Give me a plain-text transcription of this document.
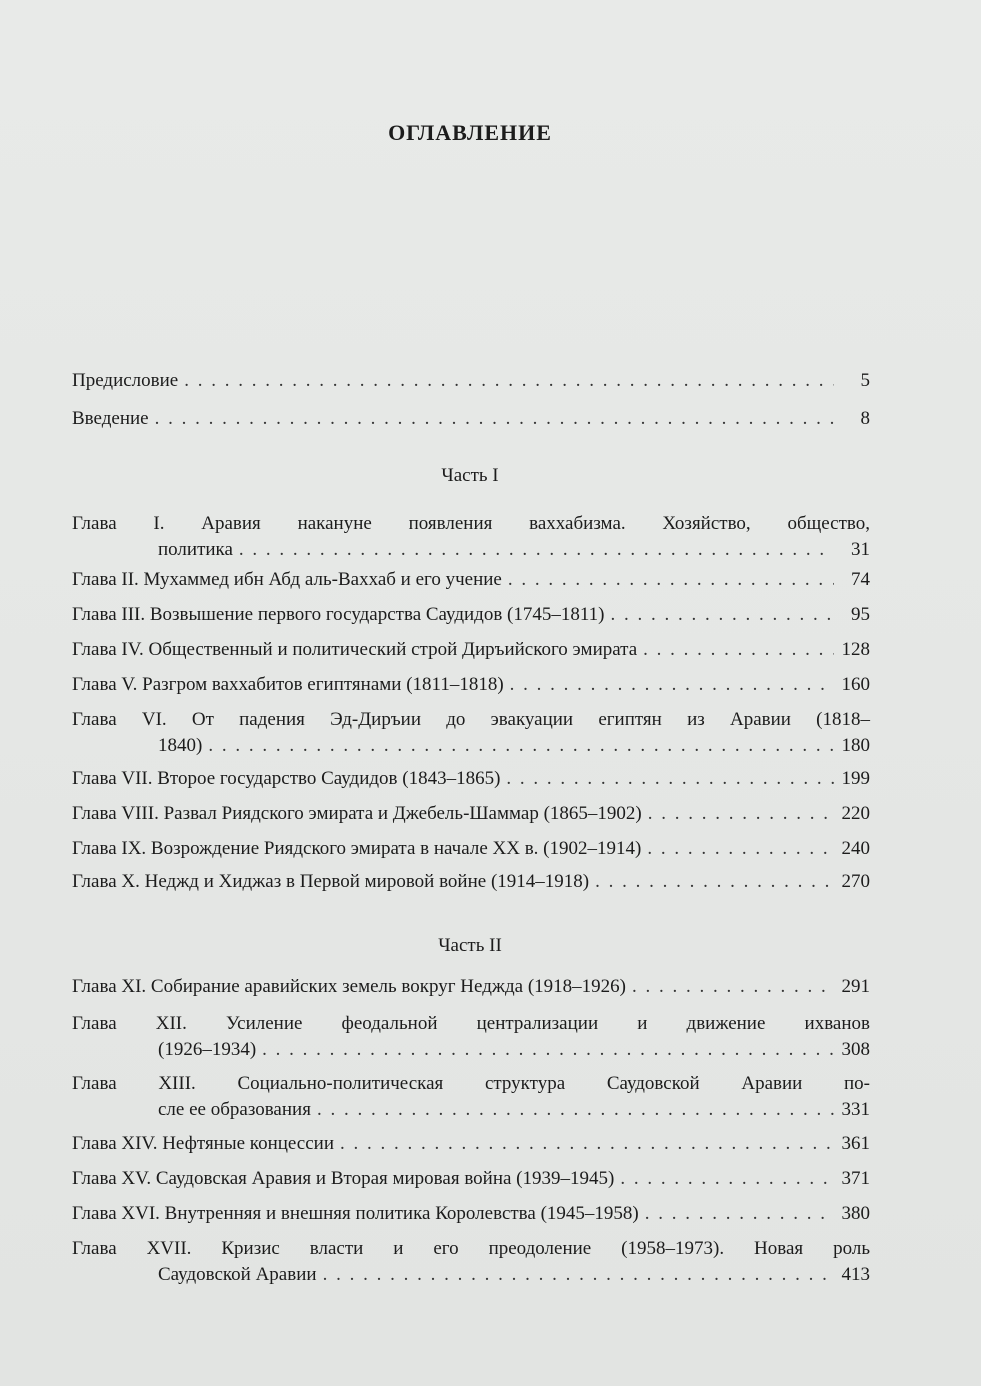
ОГЛАВЛЕНИЕ
Предисловие . . .	5
Введение . . .	8
Часть I
Глава I. Аравия накануне появления ваххабизма. Хозяйство, общество,
политика . . .	31
Глава II. Мухаммед ибн Абд аль-Ваххаб и его учение . . .	74
Глава III. Возвышение первого государства Саудидов (1745–1811) . . .	95
Глава IV. Общественный и политический строй Диръийского эмирата . . .	128
Глава V. Разгром ваххабитов египтянами (1811–1818) . . .	160
Глава VI. От падения Эд-Диръии до эвакуации египтян из Аравии (1818–
1840) . . .	180
Глава VII. Второе государство Саудидов (1843–1865) . . .	199
Глава VIII. Развал Риядского эмирата и Джебель-Шаммар (1865–1902) . . .	220
Глава IX. Возрождение Риядского эмирата в начале XX в. (1902–1914) . . .	240
Глава X. Неджд и Хиджаз в Первой мировой войне (1914–1918) . . .	270
Часть II
Глава XI. Собирание аравийских земель вокруг Неджда (1918–1926) . . .	291
Глава XII. Усиление феодальной централизации и движение ихванов
(1926–1934) . . .	308
Глава XIII. Социально-политическая структура Саудовской Аравии по-
сле ее образования . . .	331
Глава XIV. Нефтяные концессии . . .	361
Глава XV. Саудовская Аравия и Вторая мировая война (1939–1945) . . .	371
Глава XVI. Внутренняя и внешняя политика Королевства (1945–1958) . . .	380
Глава XVII. Кризис власти и его преодоление (1958–1973). Новая роль
Саудовской Аравии . . .	413
